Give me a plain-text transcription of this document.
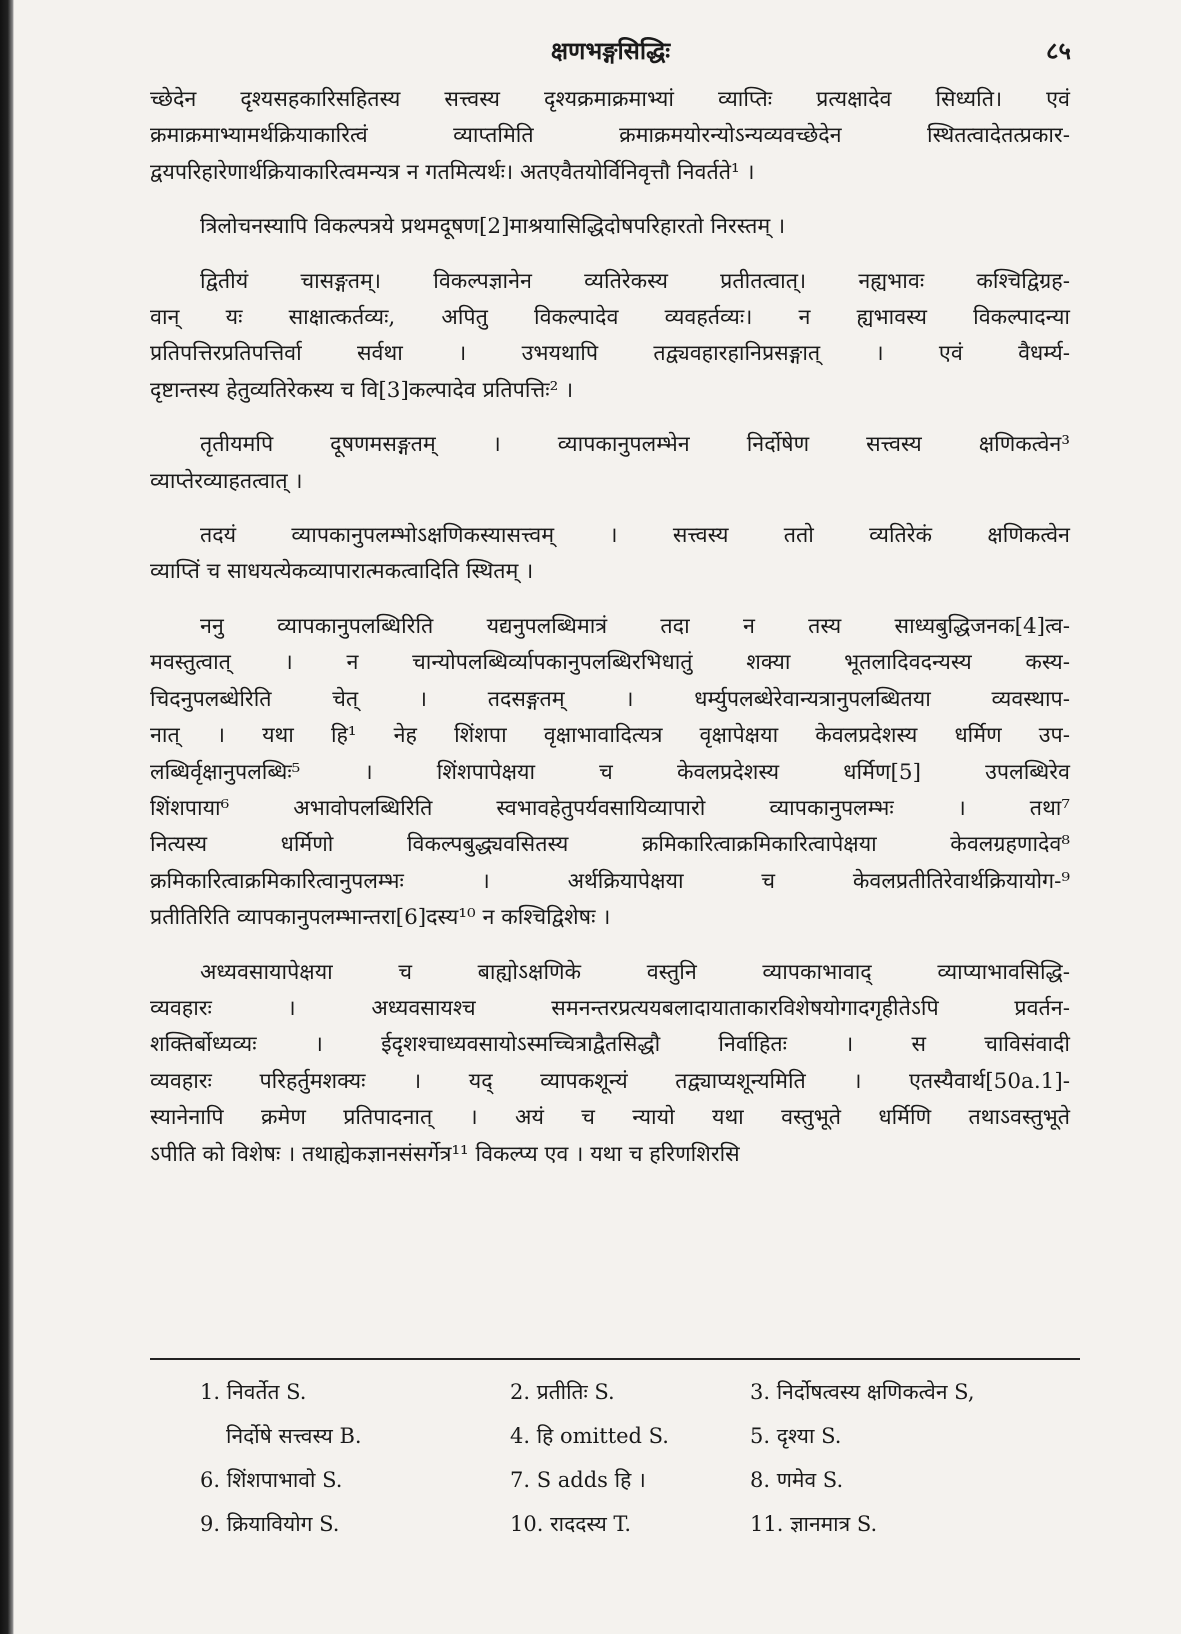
क्षणभङ्गसिद्धिः	८५
च्छेदेन दृश्यसहकारिसहितस्य सत्त्वस्य दृश्यक्रमाक्रमाभ्यां व्याप्तिः प्रत्यक्षादेव सिध्यति। एवं
क्रमाक्रमाभ्यामर्थक्रियाकारित्वं व्याप्तमिति क्रमाक्रमयोरन्योऽन्यव्यवच्छेदेन स्थितत्वादेतत्प्रकार-
द्वयपरिहारेणार्थक्रियाकारित्वमन्यत्र न गतमित्यर्थः। अतएवैतयोर्विनिवृत्तौ निवर्तते¹ ।
त्रिलोचनस्यापि विकल्पत्रये प्रथमदूषण[2]माश्रयासिद्धिदोषपरिहारतो निरस्तम् ।
द्वितीयं चासङ्गतम्। विकल्पज्ञानेन व्यतिरेकस्य प्रतीतत्वात्। नह्यभावः कश्चिद्विग्रह-
वान् यः साक्षात्कर्तव्यः, अपितु विकल्पादेव व्यवहर्तव्यः। न ह्यभावस्य विकल्पादन्या
प्रतिपत्तिरप्रतिपत्तिर्वा सर्वथा । उभयथापि तद्व्यवहारहानिप्रसङ्गात् । एवं वैधर्म्य-
दृष्टान्तस्य हेतुव्यतिरेकस्य च वि[3]कल्पादेव प्रतिपत्तिः² ।
तृतीयमपि दूषणमसङ्गतम् । व्यापकानुपलम्भेन निर्दोषेण सत्त्वस्य क्षणिकत्वेन³
व्याप्तेरव्याहतत्वात् ।
तदयं व्यापकानुपलम्भोऽक्षणिकस्यासत्त्वम् । सत्त्वस्य ततो व्यतिरेकं क्षणिकत्वेन
व्याप्तिं च साधयत्येकव्यापारात्मकत्वादिति स्थितम् ।
ननु व्यापकानुपलब्धिरिति यद्यनुपलब्धिमात्रं तदा न तस्य साध्यबुद्धिजनक[4]त्व-
मवस्तुत्वात् । न चान्योपलब्धिर्व्यापकानुपलब्धिरभिधातुं शक्या भूतलादिवदन्यस्य कस्य-
चिदनुपलब्धेरिति चेत् । तदसङ्गतम् । धर्म्युपलब्धेरेवान्यत्रानुपलब्धितया व्यवस्थाप-
नात् । यथा हि¹ नेह शिंशपा वृक्षाभावादित्यत्र वृक्षापेक्षया केवलप्रदेशस्य धर्मिण उप-
लब्धिर्वृक्षानुपलब्धिः⁵ । शिंशपापेक्षया च केवलप्रदेशस्य धर्मिण[5] उपलब्धिरेव
शिंशपाया⁶ अभावोपलब्धिरिति स्वभावहेतुपर्यवसायिव्यापारो व्यापकानुपलम्भः । तथा⁷
नित्यस्य धर्मिणो विकल्पबुद्ध्यवसितस्य क्रमिकारित्वाक्रमिकारित्वापेक्षया केवलग्रहणादेव⁸
क्रमिकारित्वाक्रमिकारित्वानुपलम्भः । अर्थक्रियापेक्षया च केवलप्रतीतिरेवार्थक्रियायोग-⁹
प्रतीतिरिति व्यापकानुपलम्भान्तरा[6]दस्य¹⁰ न कश्चिद्विशेषः ।
अध्यवसायापेक्षया च बाह्योऽक्षणिके वस्तुनि व्यापकाभावाद् व्याप्याभावसिद्धि-
व्यवहारः । अध्यवसायश्च समनन्तरप्रत्ययबलादायाताकारविशेषयोगादगृहीतेऽपि प्रवर्तन-
शक्तिर्बोध्यव्यः । ईदृशश्चाध्यवसायोऽस्मच्चित्राद्वैतसिद्धौ निर्वाहितः । स चाविसंवादी
व्यवहारः परिहर्तुमशक्यः । यद् व्यापकशून्यं तद्व्याप्यशून्यमिति । एतस्यैवार्थ[50a.1]-
स्यानेनापि क्रमेण प्रतिपादनात् । अयं च न्यायो यथा वस्तुभूते धर्मिणि तथाऽवस्तुभूते
ऽपीति को विशेषः । तथाह्येकज्ञानसंसर्गेत्र¹¹ विकल्प्य एव । यथा च हरिणशिरसि
1. निवर्तेत S.	2. प्रतीतिः S.	3. निर्दोषत्वस्य क्षणिकत्वेन S,
निर्दोषे सत्त्वस्य B.	4. हि omitted S.	5. दृश्या S.
6. शिंशपाभावो S.	7. S adds हि ।	8. णमेव S.
9. क्रियावियोग S.	10. राददस्य T.	11. ज्ञानमात्र S.
